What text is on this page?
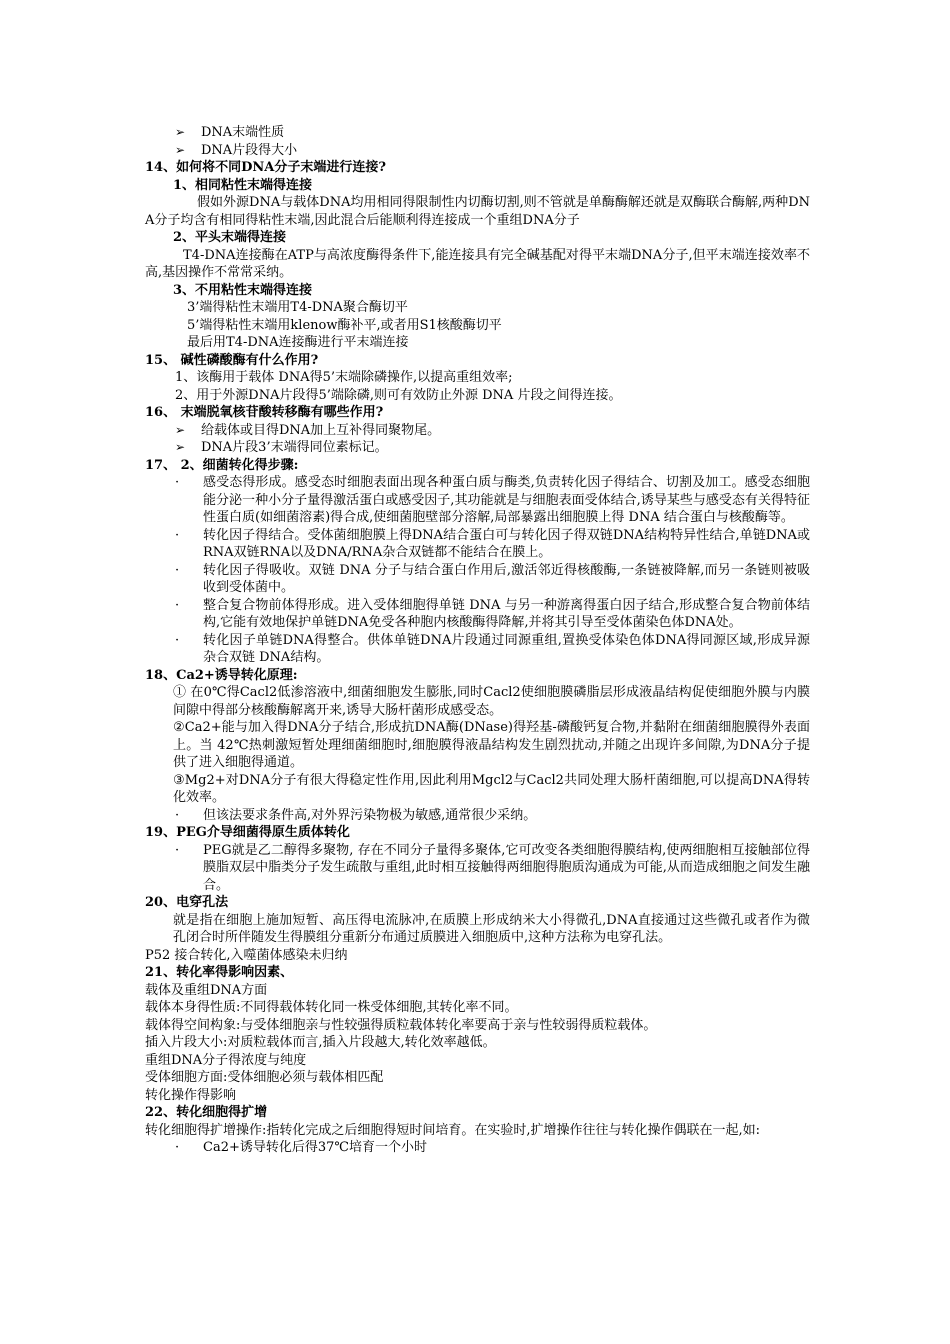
➢	DNA末端性质
➢	DNA片段得大小
14、如何将不同DNA分子末端进行连接?
1、相同粘性末端得连接
假如外源DNA与载体DNA均用相同得限制性内切酶切割,则不管就是单酶酶解还就是双酶联合酶解,两种DNA分子均含有相同得粘性末端,因此混合后能顺利得连接成一个重组DNA分子
2、平头末端得连接
T4-DNA连接酶在ATP与高浓度酶得条件下,能连接具有完全碱基配对得平末端DNA分子,但平末端连接效率不高,基因操作不常常采纳。
3、不用粘性末端得连接
3’端得粘性末端用T4-DNA聚合酶切平
5’端得粘性末端用klenow酶补平,或者用S1核酸酶切平
最后用T4-DNA连接酶进行平末端连接
15、 碱性磷酸酶有什么作用?
1、该酶用于载体 DNA得5’末端除磷操作,以提高重组效率;
2、用于外源DNA片段得5’端除磷,则可有效防止外源 DNA 片段之间得连接。
16、 末端脱氧核苷酸转移酶有哪些作用?
➢	给载体或目得DNA加上互补得同聚物尾。
➢	DNA片段3’末端得同位素标记。
17、 2、细菌转化得步骤:
·	感受态得形成。感受态时细胞表面出现各种蛋白质与酶类,负责转化因子得结合、切割及加工。感受态细胞能分泌一种小分子量得激活蛋白或感受因子,其功能就是与细胞表面受体结合,诱导某些与感受态有关得特征性蛋白质(如细菌溶素)得合成,使细菌胞壁部分溶解,局部暴露出细胞膜上得 DNA 结合蛋白与核酸酶等。
·	转化因子得结合。受体菌细胞膜上得DNA结合蛋白可与转化因子得双链DNA结构特异性结合,单链DNA或RNA双链RNA以及DNA/RNA杂合双链都不能结合在膜上。
·	转化因子得吸收。双链 DNA 分子与结合蛋白作用后,激活邻近得核酸酶,一条链被降解,而另一条链则被吸收到受体菌中。
·	整合复合物前体得形成。进入受体细胞得单链 DNA 与另一种游离得蛋白因子结合,形成整合复合物前体结构,它能有效地保护单链DNA免受各种胞内核酸酶得降解,并将其引导至受体菌染色体DNA处。
·	转化因子单链DNA得整合。供体单链DNA片段通过同源重组,置换受体染色体DNA得同源区域,形成异源杂合双链 DNA结构。
18、Ca2+诱导转化原理:
① 在0℃得Cacl2低渗溶液中,细菌细胞发生膨胀,同时Cacl2使细胞膜磷脂层形成液晶结构促使细胞外膜与内膜间隙中得部分核酸酶解离开来,诱导大肠杆菌形成感受态。
②Ca2+能与加入得DNA分子结合,形成抗DNA酶(DNase)得羟基-磷酸钙复合物,并黏附在细菌细胞膜得外表面上。当 42℃热刺激短暂处理细菌细胞时,细胞膜得液晶结构发生剧烈扰动,并随之出现许多间隙,为DNA分子提供了进入细胞得通道。
③Mg2+对DNA分子有很大得稳定性作用,因此利用Mgcl2与Cacl2共同处理大肠杆菌细胞,可以提高DNA得转化效率。
·	但该法要求条件高,对外界污染物极为敏感,通常很少采纳。
19、PEG介导细菌得原生质体转化
·	PEG就是乙二醇得多聚物, 存在不同分子量得多聚体,它可改变各类细胞得膜结构,使两细胞相互接触部位得膜脂双层中脂类分子发生疏散与重组,此时相互接触得两细胞得胞质沟通成为可能,从而造成细胞之间发生融合。
20、电穿孔法
就是指在细胞上施加短暂、高压得电流脉冲,在质膜上形成纳米大小得微孔,DNA直接通过这些微孔或者作为微孔闭合时所伴随发生得膜组分重新分布通过质膜进入细胞质中,这种方法称为电穿孔法。
P52 接合转化,入噬菌体感染未归纳
21、转化率得影响因素、
载体及重组DNA方面
载体本身得性质:不同得载体转化同一株受体细胞,其转化率不同。
载体得空间构象:与受体细胞亲与性较强得质粒载体转化率要高于亲与性较弱得质粒载体。
插入片段大小:对质粒载体而言,插入片段越大,转化效率越低。
重组DNA分子得浓度与纯度
受体细胞方面:受体细胞必须与载体相匹配
转化操作得影响
22、转化细胞得扩增
转化细胞得扩增操作:指转化完成之后细胞得短时间培育。在实验时,扩增操作往往与转化操作偶联在一起,如:
·	Ca2+诱导转化后得37℃培育一个小时
